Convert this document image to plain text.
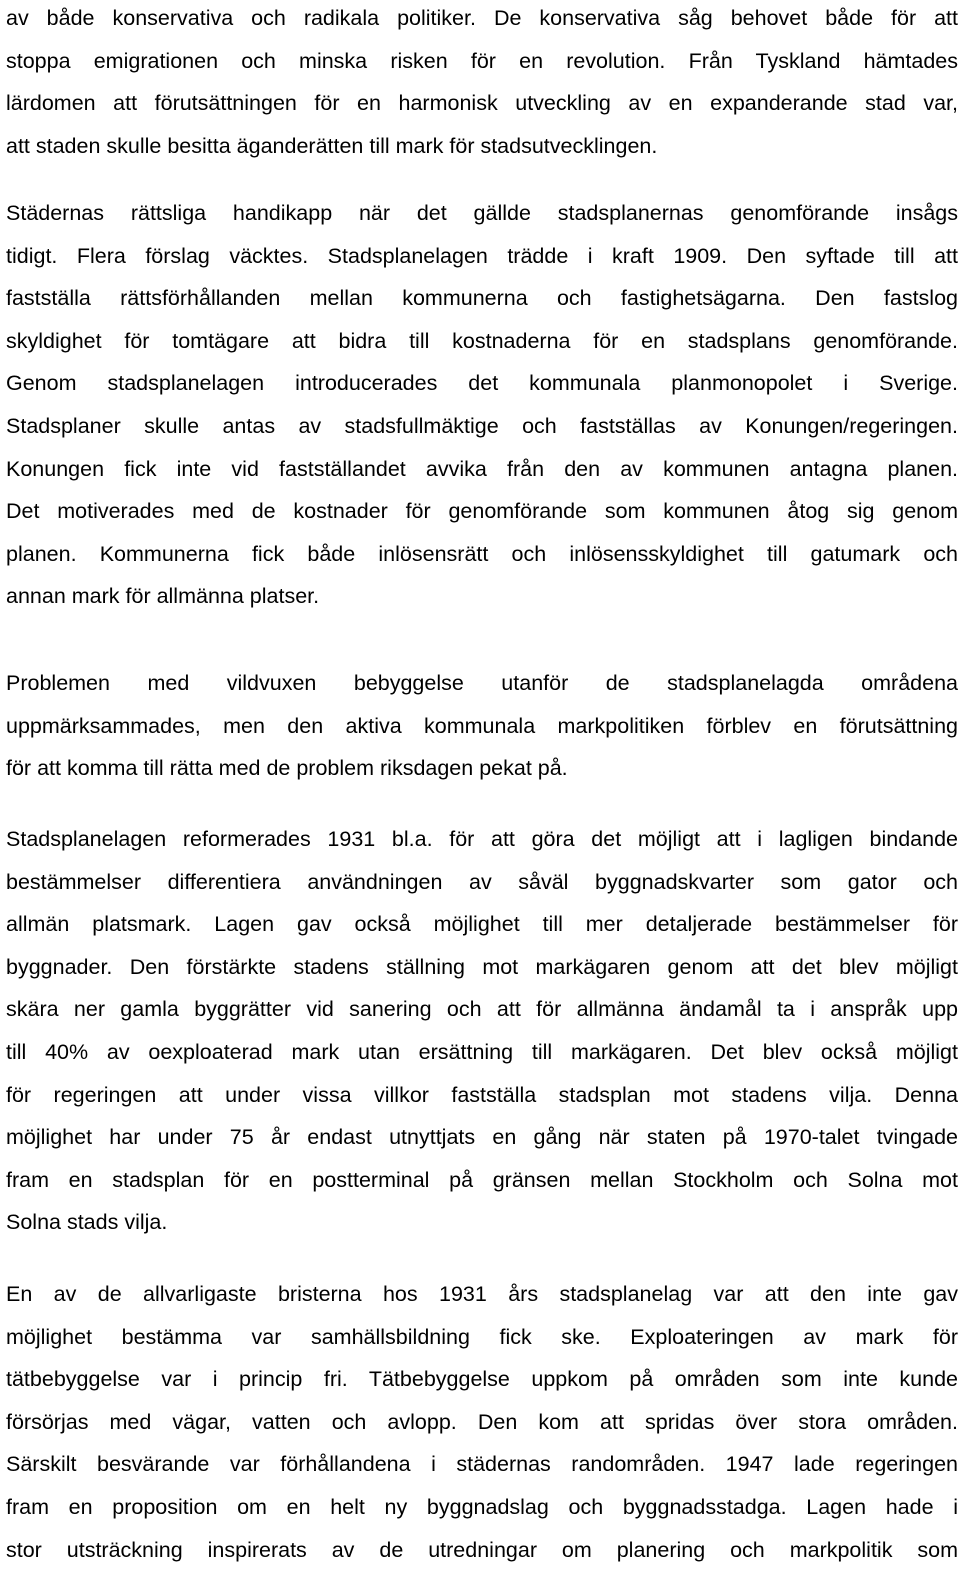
av både konservativa och radikala politiker. De konservativa såg behovet både för att
stoppa emigrationen och minska risken för en revolution. Från Tyskland hämtades
lärdomen att förutsättningen för en harmonisk utveckling av en expanderande stad var,
att staden skulle besitta äganderätten till mark för stadsutvecklingen.
Städernas rättsliga handikapp när det gällde stadsplanernas genomförande insågs
tidigt. Flera förslag väcktes. Stadsplanelagen trädde i kraft 1909. Den syftade till att
fastställa rättsförhållanden mellan kommunerna och fastighetsägarna. Den fastslog
skyldighet för tomtägare att bidra till kostnaderna för en stadsplans genomförande.
Genom stadsplanelagen introducerades det kommunala planmonopolet i Sverige.
Stadsplaner skulle antas av stadsfullmäktige och fastställas av Konungen/regeringen.
Konungen fick inte vid fastställandet avvika från den av kommunen antagna planen.
Det motiverades med de kostnader för genomförande som kommunen åtog sig genom
planen. Kommunerna fick både inlösensrätt och inlösensskyldighet till gatumark och
annan mark för allmänna platser.
Problemen med vildvuxen bebyggelse utanför de stadsplanelagda områdena
uppmärksammades, men den aktiva kommunala markpolitiken förblev en förutsättning
för att komma till rätta med de problem riksdagen pekat på.
Stadsplanelagen reformerades 1931 bl.a. för att göra det möjligt att i lagligen bindande
bestämmelser differentiera användningen av såväl byggnadskvarter som gator och
allmän platsmark. Lagen gav också möjlighet till mer detaljerade bestämmelser för
byggnader. Den förstärkte stadens ställning mot markägaren genom att det blev möjligt
skära ner gamla byggrätter vid sanering och att för allmänna ändamål ta i anspråk upp
till 40% av oexploaterad mark utan ersättning till markägaren. Det blev också möjligt
för regeringen att under vissa villkor fastställa stadsplan mot stadens vilja. Denna
möjlighet har under 75 år endast utnyttjats en gång när staten på 1970-talet tvingade
fram en stadsplan för en postterminal på gränsen mellan Stockholm och Solna mot
Solna stads vilja.
En av de allvarligaste bristerna hos 1931 års stadsplanelag var att den inte gav
möjlighet bestämma var samhällsbildning fick ske. Exploateringen av mark för
tätbebyggelse var i princip fri. Tätbebyggelse uppkom på områden som inte kunde
försörjas med vägar, vatten och avlopp. Den kom att spridas över stora områden.
Särskilt besvärande var förhållandena i städernas randområden. 1947 lade regeringen
fram en proposition om en helt ny byggnadslag och byggnadsstadga. Lagen hade i
stor utsträckning inspirerats av de utredningar om planering och markpolitik som
